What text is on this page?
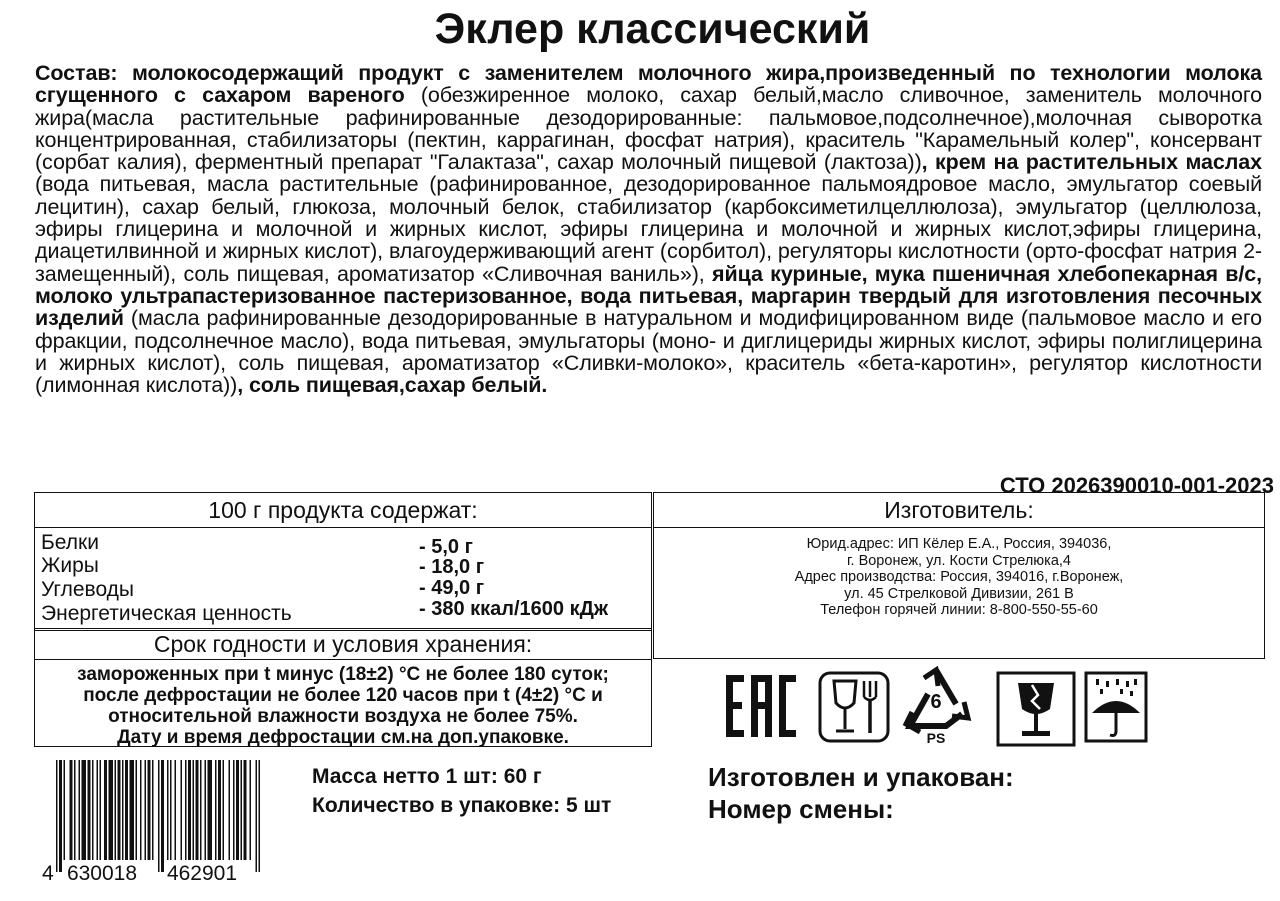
Эклер классический
Состав: молокосодержащий продукт с заменителем молочного жира,произведенный по технологии молока сгущенного с сахаром вареного (обезжиренное молоко, сахар белый,масло сливочное, заменитель молочного жира(масла растительные рафинированные дезодорированные: пальмовое,подсолнечное),молочная сыворотка концентрированная, стабилизаторы (пектин, каррагинан, фосфат натрия), краситель "Карамельный колер", консервант (сорбат калия), ферментный препарат "Галактаза", сахар молочный пищевой (лактоза)), крем на растительных маслах (вода питьевая, масла растительные (рафинированное, дезодорированное пальмоядровое масло, эмульгатор соевый лецитин), сахар белый, глюкоза, молочный белок, стабилизатор (карбоксиметилцеллюлоза), эмульгатор (целлюлоза, эфиры глицерина и молочной и жирных кислот, эфиры глицерина и молочной и жирных кислот,эфиры глицерина, диацетилвинной и жирных кислот), влагоудерживающий агент (сорбитол), регуляторы кислотности (орто-фосфат натрия 2-замещенный), соль пищевая, ароматизатор «Сливочная ваниль»), яйца куриные, мука пшеничная хлебопекарная в/с, молоко ультрапастеризованное пастеризованное, вода питьевая, маргарин твердый для изготовления песочных изделий (масла рафинированные дезодорированные в натуральном и модифицированном виде (пальмовое масло и его фракции, подсолнечное масло), вода питьевая, эмульгаторы (моно- и диглицериды жирных кислот, эфиры полиглицерина и жирных кислот), соль пищевая, ароматизатор «Сливки-молоко», краситель «бета-каротин», регулятор кислотности (лимонная кислота)), соль пищевая,сахар белый.
СТО 2026390010-001-2023
100 г продукта содержат:
Белки	- 5,0 г
Жиры	- 18,0 г
Углеводы	- 49,0 г
Энергетическая ценность	- 380 ккал/1600 кДж
Срок годности и условия хранения:
замороженных при t минус (18±2) °С не более 180 суток;
после дефростации не более 120 часов при t (4±2) °С и
относительной влажности воздуха не более 75%.
Дату и время дефростации см.на доп.упаковке.
Изготовитель:
Юрид.адрес: ИП Кёлер Е.А., Россия, 394036,
г. Воронеж, ул. Кости Стрелюка,4
Адрес производства: Россия, 394016, г.Воронеж,
ул. 45 Стрелковой Дивизии, 261 В
Телефон горячей линии: 8-800-550-55-60
6
PS
4 630018 462901
Масса нетто 1 шт: 60 г
Количество в упаковке: 5 шт
Изготовлен и упакован:
Номер смены:
